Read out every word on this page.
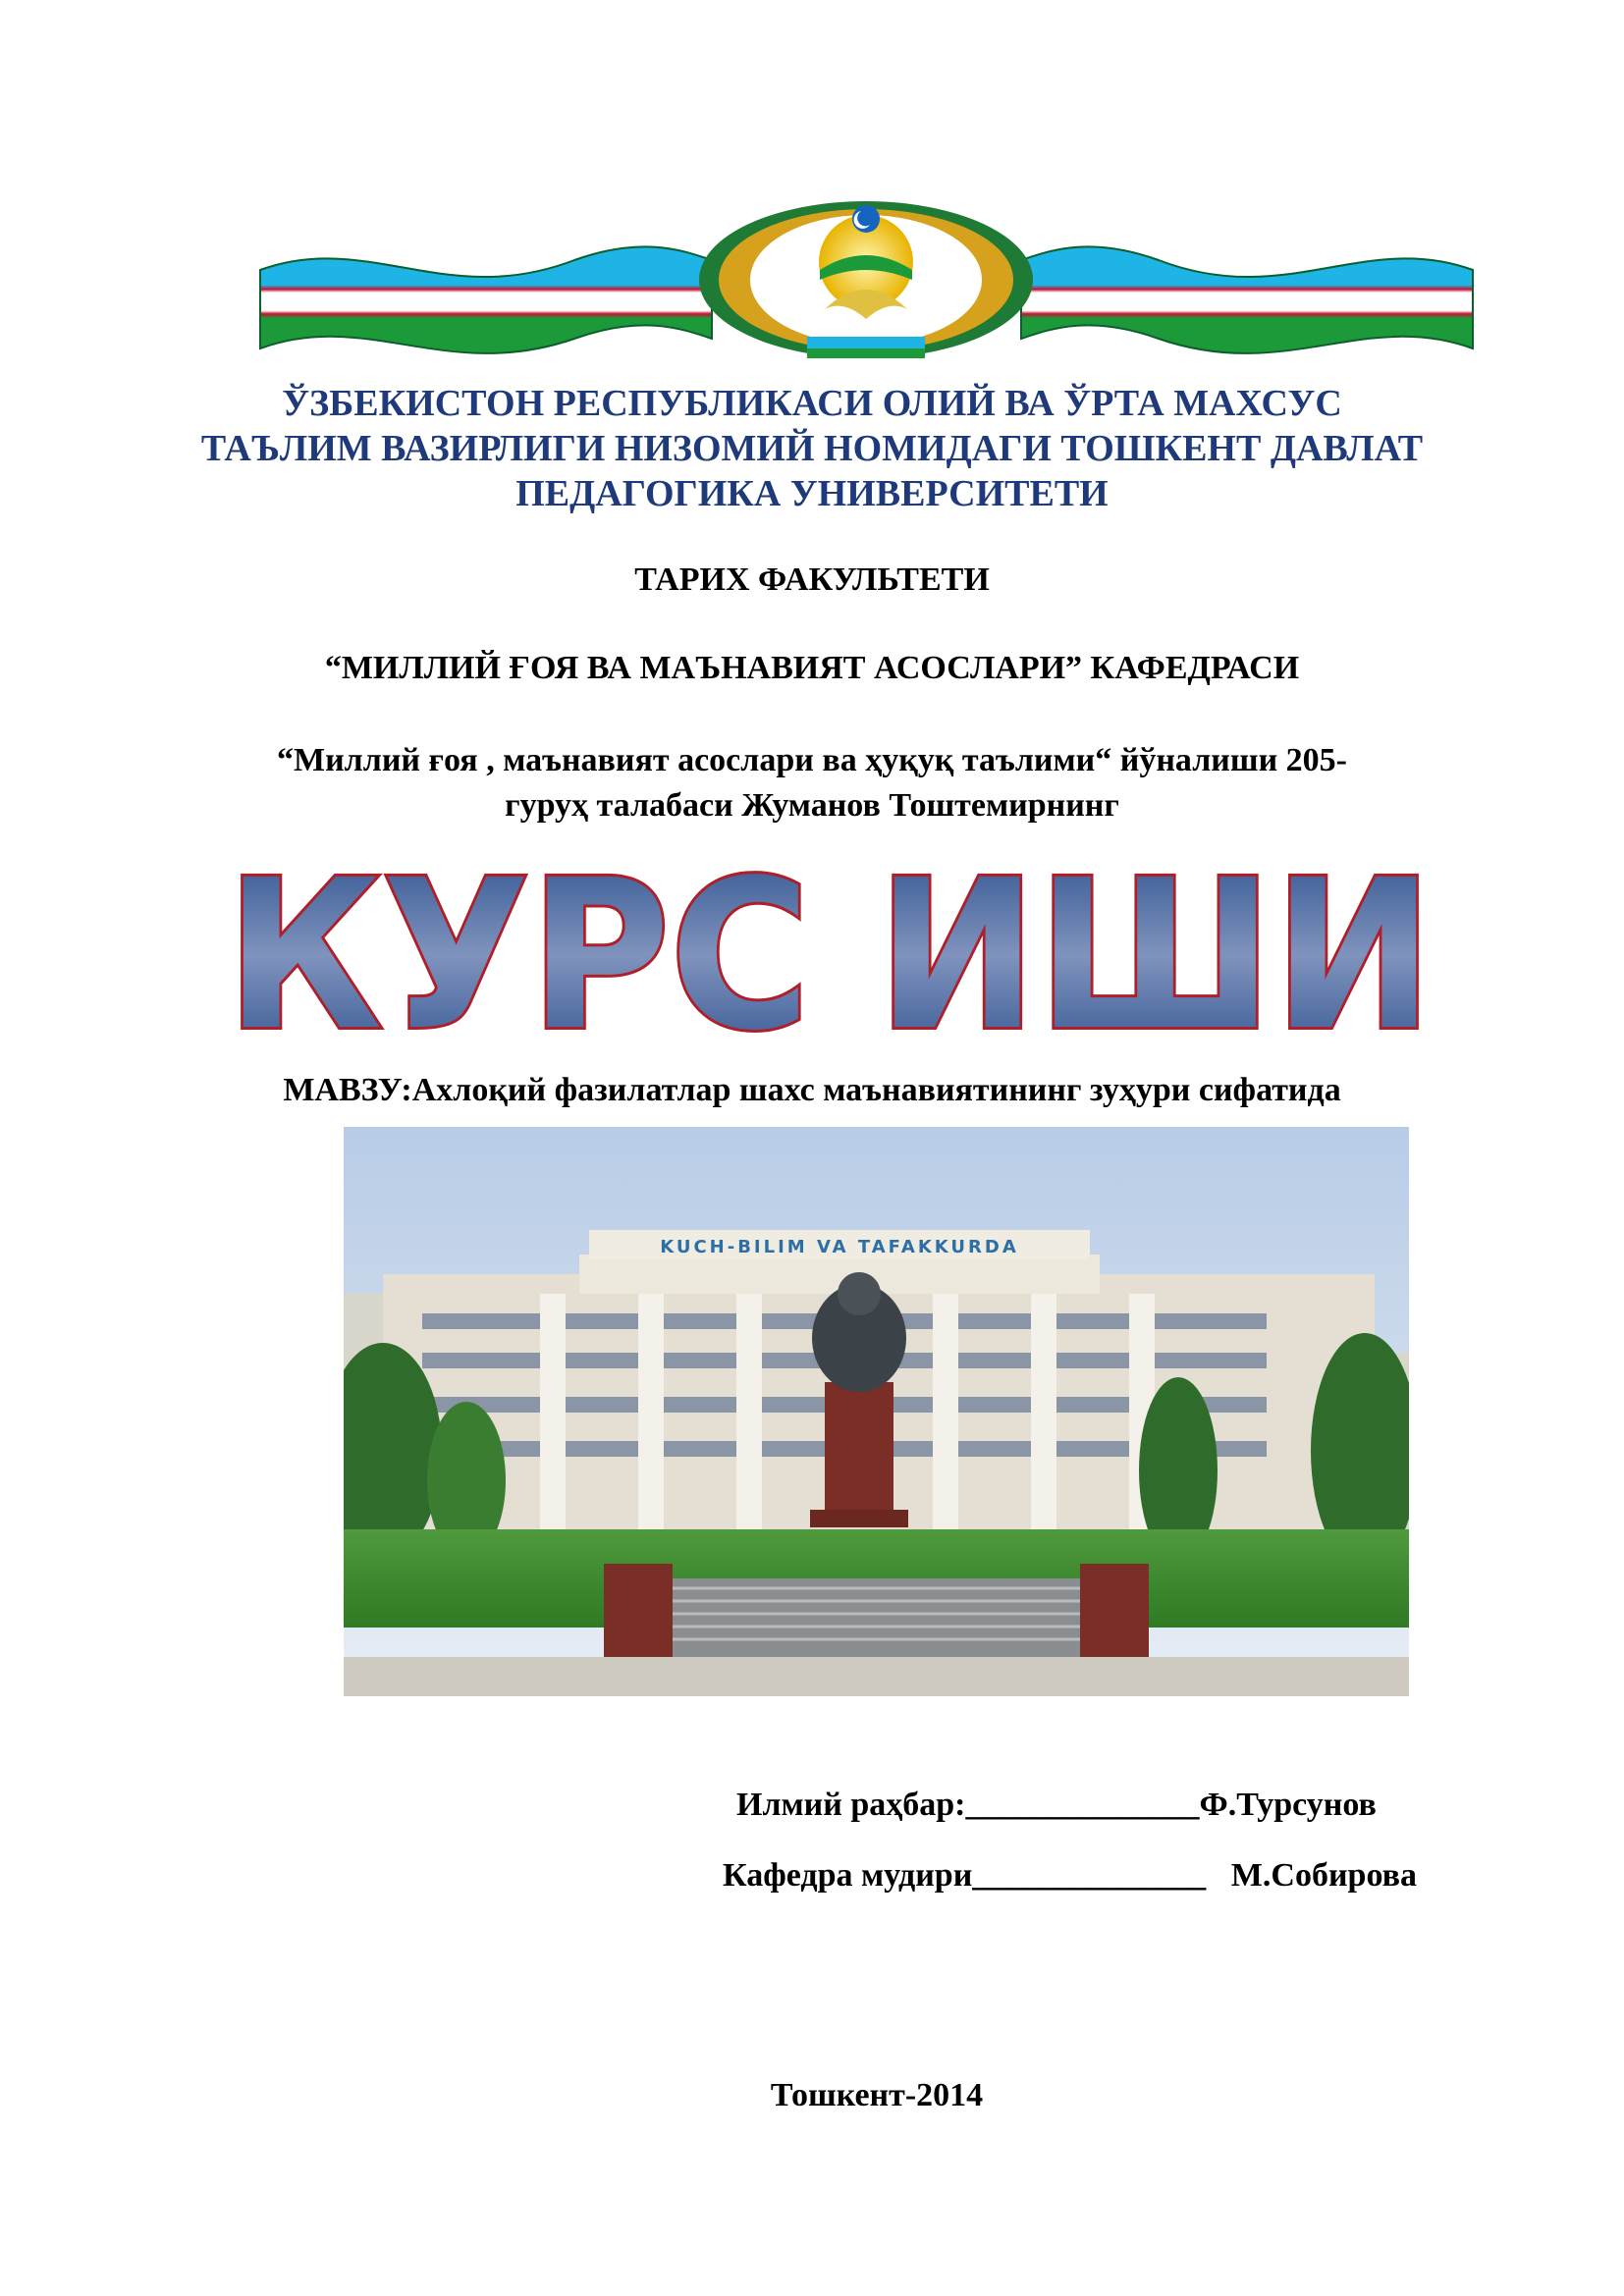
ЎЗБЕКИСТОН РЕСПУБЛИКАСИ ОЛИЙ ВА ЎРТА МАХСУС
ТАЪЛИМ ВАЗИРЛИГИ НИЗОМИЙ НОМИДАГИ ТОШКЕНТ ДАВЛАТ
ПЕДАГОГИКА УНИВЕРСИТЕТИ
ТАРИХ ФАКУЛЬТЕТИ
“МИЛЛИЙ ҒОЯ ВА МАЪНАВИЯТ АСОСЛАРИ” КАФЕДРАСИ
“Миллий ғоя , маънавият асослари ва ҳуқуқ таълими“ йўналиши 205-
гуруҳ талабаси Жуманов Тоштемирнинг
КУРС ИШИ
МАВЗУ:Ахлоқий фазилатлар шахс маънавиятининг зуҳури сифатида
KUCH-BILIM VA TAFAKKURDA
Илмий раҳбар:______________Ф.Турсунов
Кафедра мудири______________ М.Собирова
Тошкент-2014
